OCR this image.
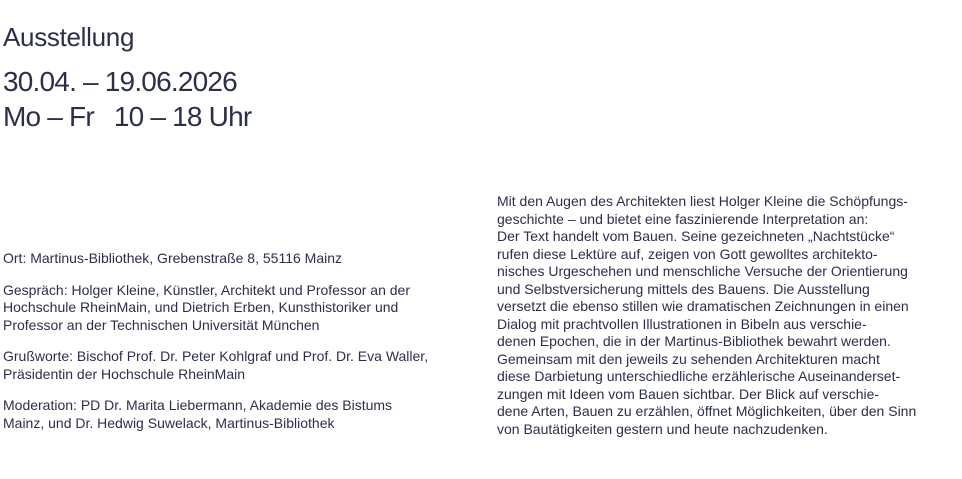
Ausstellung
30.04. – 19.06.2026
Mo – Fr 10 – 18 Uhr

Ort: Martinus-Bibliothek, Grebenstraße 8, 55116 Mainz

Gespräch: Holger Kleine, Künstler, Architekt und Professor an der
Hochschule RheinMain, und Dietrich Erben, Kunsthistoriker und
Professor an der Technischen Universität München

Grußworte: Bischof Prof. Dr. Peter Kohlgraf und Prof. Dr. Eva Waller,
Präsidentin der Hochschule RheinMain

Moderation: PD Dr. Marita Liebermann, Akademie des Bistums
Mainz, und Dr. Hedwig Suwelack, Martinus-Bibliothek

Mit den Augen des Architekten liest Holger Kleine die Schöpfungs-
geschichte – und bietet eine faszinierende Interpretation an:
Der Text handelt vom Bauen. Seine gezeichneten „Nachtstücke“
rufen diese Lektüre auf, zeigen von Gott gewolltes architekto-
nisches Urgeschehen und menschliche Versuche der Orientierung
und Selbstversicherung mittels des Bauens. Die Ausstellung
versetzt die ebenso stillen wie dramatischen Zeichnungen in einen
Dialog mit prachtvollen Illustrationen in Bibeln aus verschie-
denen Epochen, die in der Martinus-Bibliothek bewahrt werden.
Gemeinsam mit den jeweils zu sehenden Architekturen macht
diese Darbietung unterschiedliche erzählerische Auseinanderset-
zungen mit Ideen vom Bauen sichtbar. Der Blick auf verschie-
dene Arten, Bauen zu erzählen, öffnet Möglichkeiten, über den Sinn
von Bautätigkeiten gestern und heute nachzudenken.
